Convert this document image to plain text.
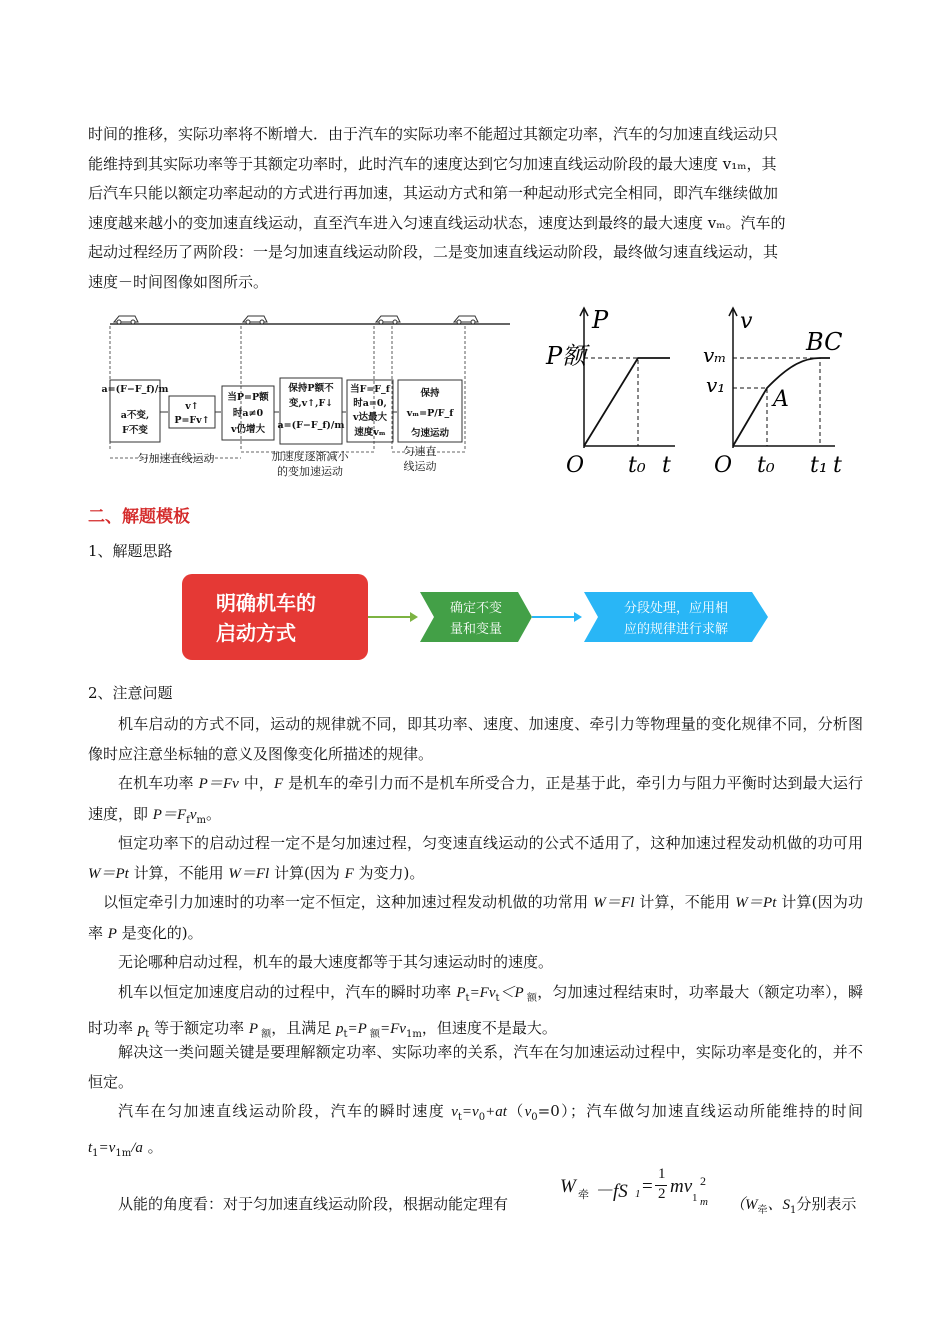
时间的推移，实际功率将不断增大．由于汽车的实际功率不能超过其额定功率，汽车的匀加速直线运动只
能维持到其实际功率等于其额定功率时，此时汽车的速度达到它匀加速直线运动阶段的最大速度 v₁ₘ，其
后汽车只能以额定功率起动的方式进行再加速，其运动方式和第一种起动形式完全相同，即汽车继续做加
速度越来越小的变加速直线运动，直至汽车进入匀速直线运动状态，速度达到最终的最大速度 vₘ。汽车的
起动过程经历了两阶段：一是匀加速直线运动阶段，二是变加速直线运动阶段，最终做匀速直线运动，其
速度－时间图像如图所示。
a=(F−F_f)/m
a不变,
F不变
v↑
P=Fv↑
当P=P额
时a≠0
v仍增大
保持P额不
变,v↑,F↓
a=(F−F_f)/m
当F=F_f
时a=0,
v达最大
速度vₘ
保持
vₘ=P/F_f
匀速运动
匀加速直线运动	加速度逐渐减小
的变加速运动
匀速直
线运动
P
P额
O t₀ t
v
vₘ
v₁
A
BC
O t₀ t₁ t
二、解题模板
1、解题思路
明确机车的
启动方式
确定不变
量和变量
分段处理，应用相
应的规律进行求解
2、注意问题
机车启动的方式不同，运动的规律就不同，即其功率、速度、加速度、牵引力等物理量的变化规律不同，分析图像时应注意坐标轴的意义及图像变化所描述的规律。
在机车功率 P＝Fv 中，F 是机车的牵引力而不是机车所受合力，正是基于此，牵引力与阻力平衡时达到最大运行速度，即 $P=F_fv_m$。
恒定功率下的启动过程一定不是匀加速过程，匀变速直线运动的公式不适用了，这种加速过程发动机做的功可用 W＝Pt 计算，不能用 W＝Fl 计算(因为 F 为变力)。
以恒定牵引力加速时的功率一定不恒定，这种加速过程发动机做的功常用 W＝Fl 计算，不能用 W＝Pt 计算(因为功率 P 是变化的)。
无论哪种启动过程，机车的最大速度都等于其匀速运动时的速度。
机车以恒定加速度启动的过程中，汽车的瞬时功率 $P_t=Fv_t<P$ $_额$，匀加速过程结束时，功率最大（额定功率），瞬时功率 $p_t$ 等于额定功率 P $_额$，且满足 $p_t=P$ $_额=Fv_{1m}$，但速度不是最大。
解决这一类问题关键是要理解额定功率、实际功率的关系，汽车在匀加速运动过程中，实际功率是变化的，并不恒定。
汽车在匀加速直线运动阶段，汽车的瞬时速度 $v_t=v_0+at(v_0=0)$；汽车做匀加速直线运动所能维持的时间 $t_1=v_{1m}/a$ 。
从能的角度看：对于匀加速直线运动阶段，根据动能定理有
W 牵 －fS 1 =
1
2 mv 2
1 m （$W_牵$、$S_1$分别表示
